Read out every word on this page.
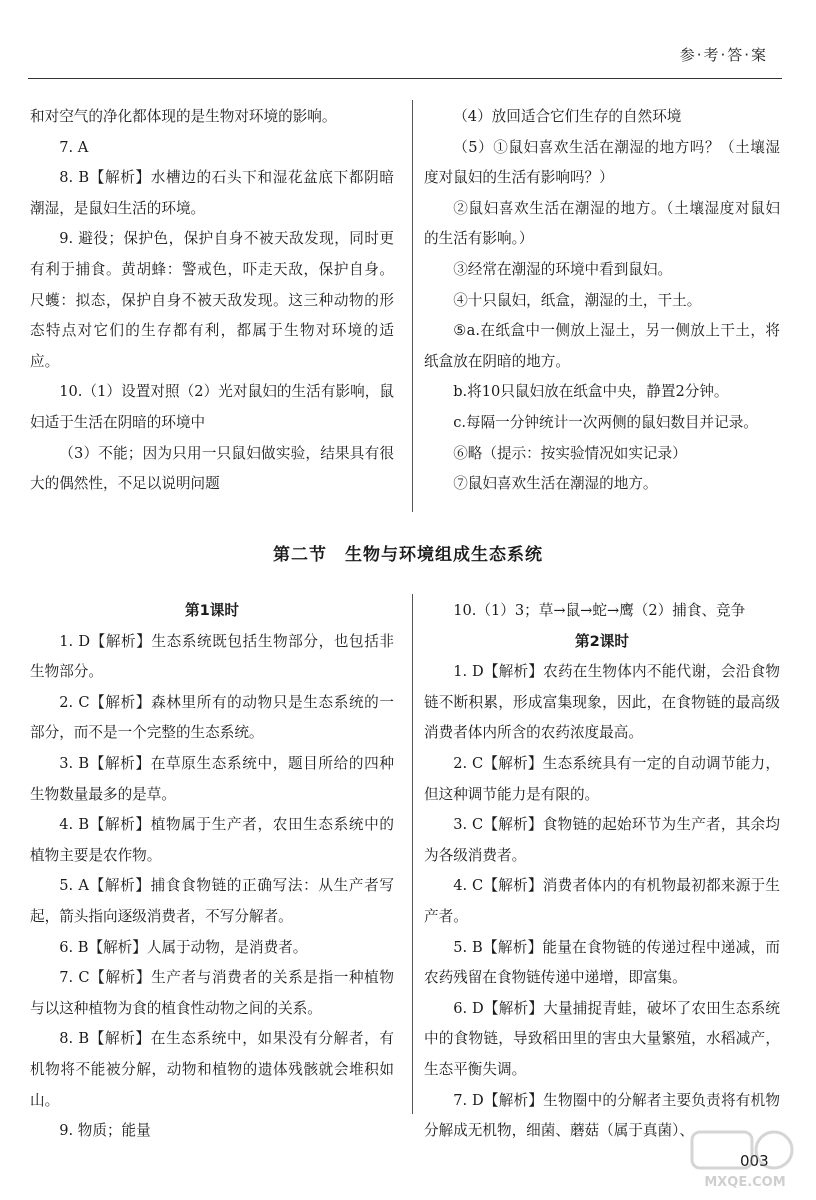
参·考·答·案

和对空气的净化都体现的是生物对环境的影响。

7. A

8. B【解析】水槽边的石头下和湿花盆底下都阴暗潮湿，是鼠妇生活的环境。

9. 避役；保护色，保护自身不被天敌发现，同时更有利于捕食。黄胡蜂：警戒色，吓走天敌，保护自身。尺蠖：拟态，保护自身不被天敌发现。这三种动物的形态特点对它们的生存都有利，都属于生物对环境的适应。

10.（1）设置对照（2）光对鼠妇的生活有影响，鼠妇适于生活在阴暗的环境中

（3）不能；因为只用一只鼠妇做实验，结果具有很大的偶然性，不足以说明问题

（4）放回适合它们生存的自然环境

（5）①鼠妇喜欢生活在潮湿的地方吗？（土壤湿度对鼠妇的生活有影响吗？）

②鼠妇喜欢生活在潮湿的地方。（土壤湿度对鼠妇的生活有影响。）

③经常在潮湿的环境中看到鼠妇。

④十只鼠妇，纸盒，潮湿的土，干土。

⑤a.在纸盒中一侧放上湿土，另一侧放上干土，将纸盒放在阴暗的地方。

b.将10只鼠妇放在纸盒中央，静置2分钟。

c.每隔一分钟统计一次两侧的鼠妇数目并记录。

⑥略（提示：按实验情况如实记录）

⑦鼠妇喜欢生活在潮湿的地方。

第二节　生物与环境组成生态系统

第1课时

1. D【解析】生态系统既包括生物部分，也包括非生物部分。

2. C【解析】森林里所有的动物只是生态系统的一部分，而不是一个完整的生态系统。

3. B【解析】在草原生态系统中，题目所给的四种生物数量最多的是草。

4. B【解析】植物属于生产者，农田生态系统中的植物主要是农作物。

5. A【解析】捕食食物链的正确写法：从生产者写起，箭头指向逐级消费者，不写分解者。

6. B【解析】人属于动物，是消费者。

7. C【解析】生产者与消费者的关系是指一种植物与以这种植物为食的植食性动物之间的关系。

8. B【解析】在生态系统中，如果没有分解者，有机物将不能被分解，动物和植物的遗体残骸就会堆积如山。

9. 物质；能量

10.（1）3；草→鼠→蛇→鹰（2）捕食、竞争

第2课时

1. D【解析】农药在生物体内不能代谢，会沿食物链不断积累，形成富集现象，因此，在食物链的最高级消费者体内所含的农药浓度最高。

2. C【解析】生态系统具有一定的自动调节能力，但这种调节能力是有限的。

3. C【解析】食物链的起始环节为生产者，其余均为各级消费者。

4. C【解析】消费者体内的有机物最初都来源于生产者。

5. B【解析】能量在食物链的传递过程中递减，而农药残留在食物链传递中递增，即富集。

6. D【解析】大量捕捉青蛙，破坏了农田生态系统中的食物链，导致稻田里的害虫大量繁殖，水稻减产，生态平衡失调。

7. D【解析】生物圈中的分解者主要负责将有机物分解成无机物，细菌、蘑菇（属于真菌）、

003
MXQE.COM
